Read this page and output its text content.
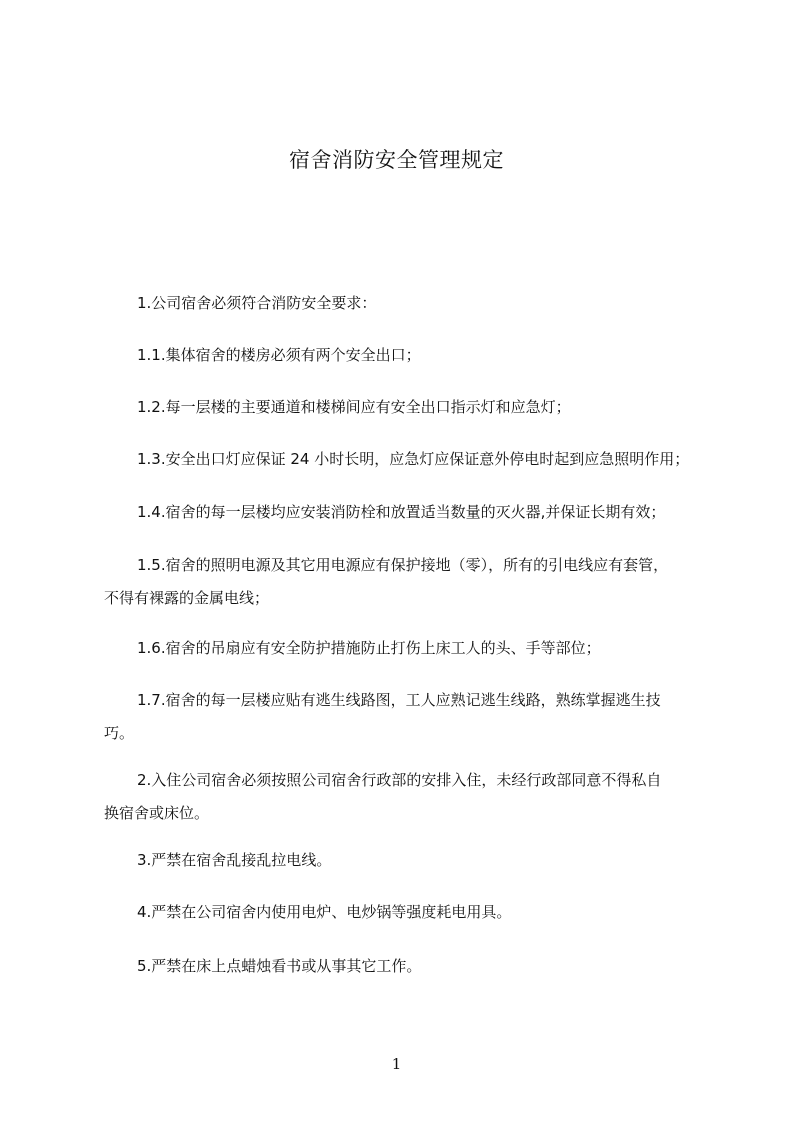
宿舍消防安全管理规定
1.公司宿舍必须符合消防安全要求：
1.1.集体宿舍的楼房必须有两个安全出口；
1.2.每一层楼的主要通道和楼梯间应有安全出口指示灯和应急灯；
1.3.安全出口灯应保证 24 小时长明，应急灯应保证意外停电时起到应急照明作用；
1.4.宿舍的每一层楼均应安装消防栓和放置适当数量的灭火器,并保证长期有效；
1.5.宿舍的照明电源及其它用电源应有保护接地（零），所有的引电线应有套管，
不得有裸露的金属电线；
1.6.宿舍的吊扇应有安全防护措施防止打伤上床工人的头、手等部位；
1.7.宿舍的每一层楼应贴有逃生线路图，工人应熟记逃生线路，熟练掌握逃生技
巧。
2.入住公司宿舍必须按照公司宿舍行政部的安排入住，未经行政部同意不得私自
换宿舍或床位。
3.严禁在宿舍乱接乱拉电线。
4.严禁在公司宿舍内使用电炉、电炒锅等强度耗电用具。
5.严禁在床上点蜡烛看书或从事其它工作。
1
